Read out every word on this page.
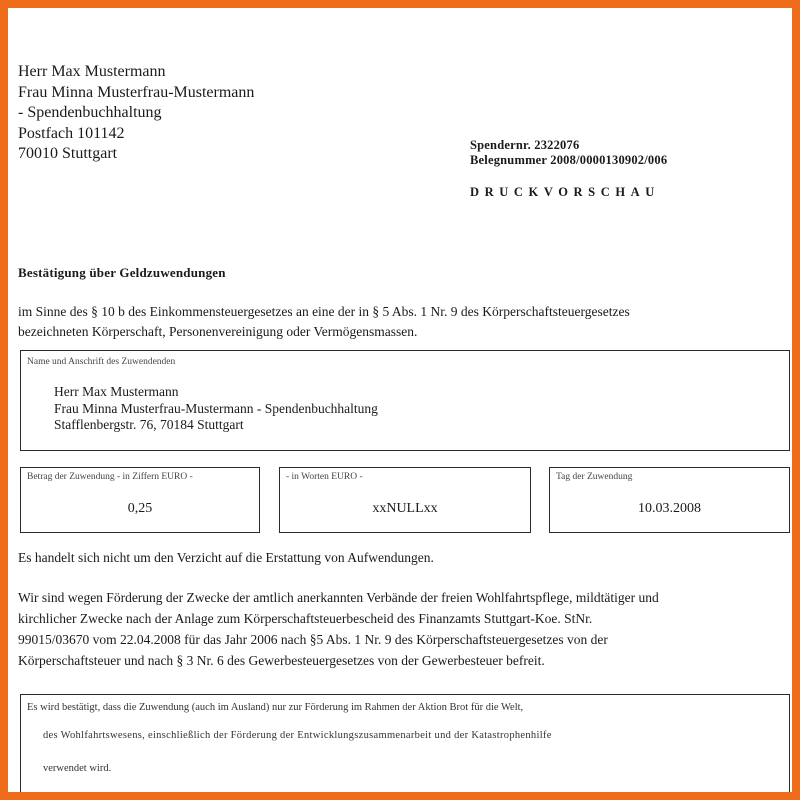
Herr Max Mustermann
Frau Minna Musterfrau-Mustermann
- Spendenbuchhaltung
Postfach 101142
70010 Stuttgart	Spendernr. 2322076
Belegnummer 2008/0000130902/006
DRUCKVORSCHAU
Bestätigung über Geldzuwendungen
im Sinne des § 10 b des Einkommensteuergesetzes an eine der in § 5 Abs. 1 Nr. 9 des Körperschaftsteuergesetzes
bezeichneten Körperschaft, Personenvereinigung oder Vermögensmassen.
Name und Anschrift des Zuwendenden
Herr Max Mustermann
Frau Minna Musterfrau-Mustermann - Spendenbuchhaltung
Stafflenbergstr. 76, 70184 Stuttgart
Betrag der Zuwendung - in Ziffern EURO -
0,25
- in Worten EURO -
xxNULLxx
Tag der Zuwendung
10.03.2008
Es handelt sich nicht um den Verzicht auf die Erstattung von Aufwendungen.
Wir sind wegen Förderung der Zwecke der amtlich anerkannten Verbände der freien Wohlfahrtspflege, mildtätiger und
kirchlicher Zwecke nach der Anlage zum Körperschaftsteuerbescheid des Finanzamts Stuttgart-Koe. StNr.
99015/03670 vom 22.04.2008 für das Jahr 2006 nach §5 Abs. 1 Nr. 9 des Körperschaftsteuergesetzes von der
Körperschaftsteuer und nach § 3 Nr. 6 des Gewerbesteuergesetzes von der Gewerbesteuer befreit.
Es wird bestätigt, dass die Zuwendung (auch im Ausland) nur zur Förderung im Rahmen der Aktion Brot für die Welt,
des Wohlfahrtswesens, einschließlich der Förderung der Entwicklungszusammenarbeit und der Katastrophenhilfe
verwendet wird.
